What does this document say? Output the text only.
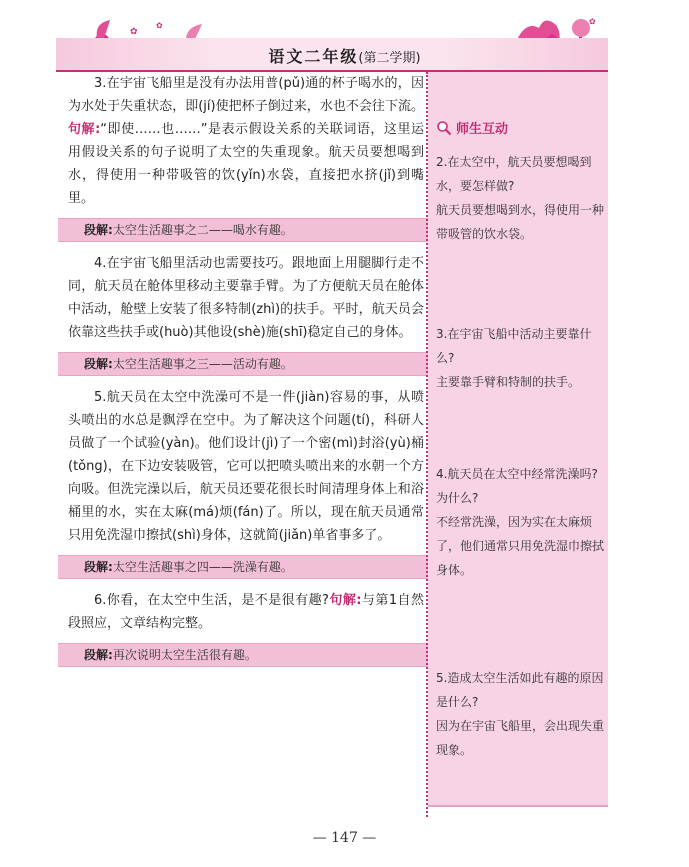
✿
✿	✿
语文二年级(第二学期)

3.在宇宙飞船里是没有办法用普(pǔ)通的杯子喝水的，因为水处于失重状态，即(jí)使把杯子倒过来，水也不会往下流。句解:“即使……也……”是表示假设关系的关联词语，这里运用假设关系的句子说明了太空的失重现象。航天员要想喝到水，得使用一种带吸管的饮(yǐn)水袋，直接把水挤(jǐ)到嘴里。

段解:太空生活趣事之二——喝水有趣。

4.在宇宙飞船里活动也需要技巧。跟地面上用腿脚行走不同，航天员在舱体里移动主要靠手臂。为了方便航天员在舱体中活动，舱壁上安装了很多特制(zhì)的扶手。平时，航天员会依靠这些扶手或(huò)其他设(shè)施(shī)稳定自己的身体。

段解:太空生活趣事之三——活动有趣。

5.航天员在太空中洗澡可不是一件(jiàn)容易的事，从喷头喷出的水总是飘浮在空中。为了解决这个问题(tí)，科研人员做了一个试验(yàn)。他们设计(jì)了一个密(mì)封浴(yù)桶(tǒng)，在下边安装吸管，它可以把喷头喷出来的水朝一个方向吸。但洗完澡以后，航天员还要花很长时间清理身体上和浴桶里的水，实在太麻(má)烦(fán)了。所以，现在航天员通常只用免洗湿巾擦拭(shì)身体，这就简(jiǎn)单省事多了。

段解:太空生活趣事之四——洗澡有趣。

6.你看，在太空中生活，是不是很有趣?句解:与第1自然段照应，文章结构完整。

段解:再次说明太空生活很有趣。
师生互动

2.在太空中，航天员要想喝到水，要怎样做?

航天员要想喝到水，得使用一种带吸管的饮水袋。

3.在宇宙飞船中活动主要靠什么?

主要靠手臂和特制的扶手。

4.航天员在太空中经常洗澡吗? 为什么?

不经常洗澡，因为实在太麻烦了，他们通常只用免洗湿巾擦拭身体。

5.造成太空生活如此有趣的原因是什么?

因为在宇宙飞船里，会出现失重现象。

— 147 —
